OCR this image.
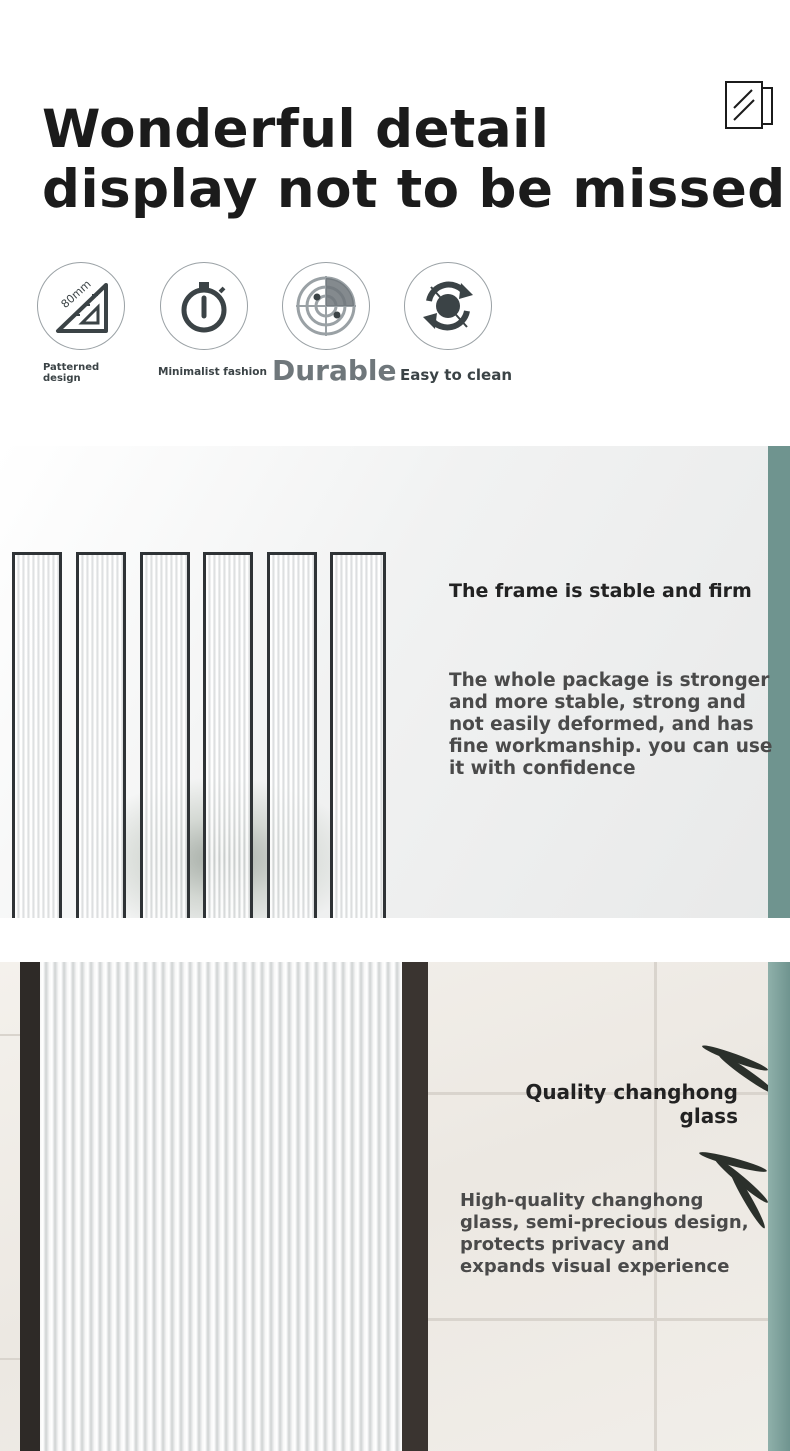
Wonderful detail
display not to be missed
80mm
Patterned
design
Minimalist fashion Durable Easy to clean
The frame is stable and firm

The whole package is stronger and more stable, strong and not easily deformed, and has fine workmanship. you can use it with confidence

Quality changhong
glass

High-quality changhong glass, semi-precious design, protects privacy and expands visual experience
